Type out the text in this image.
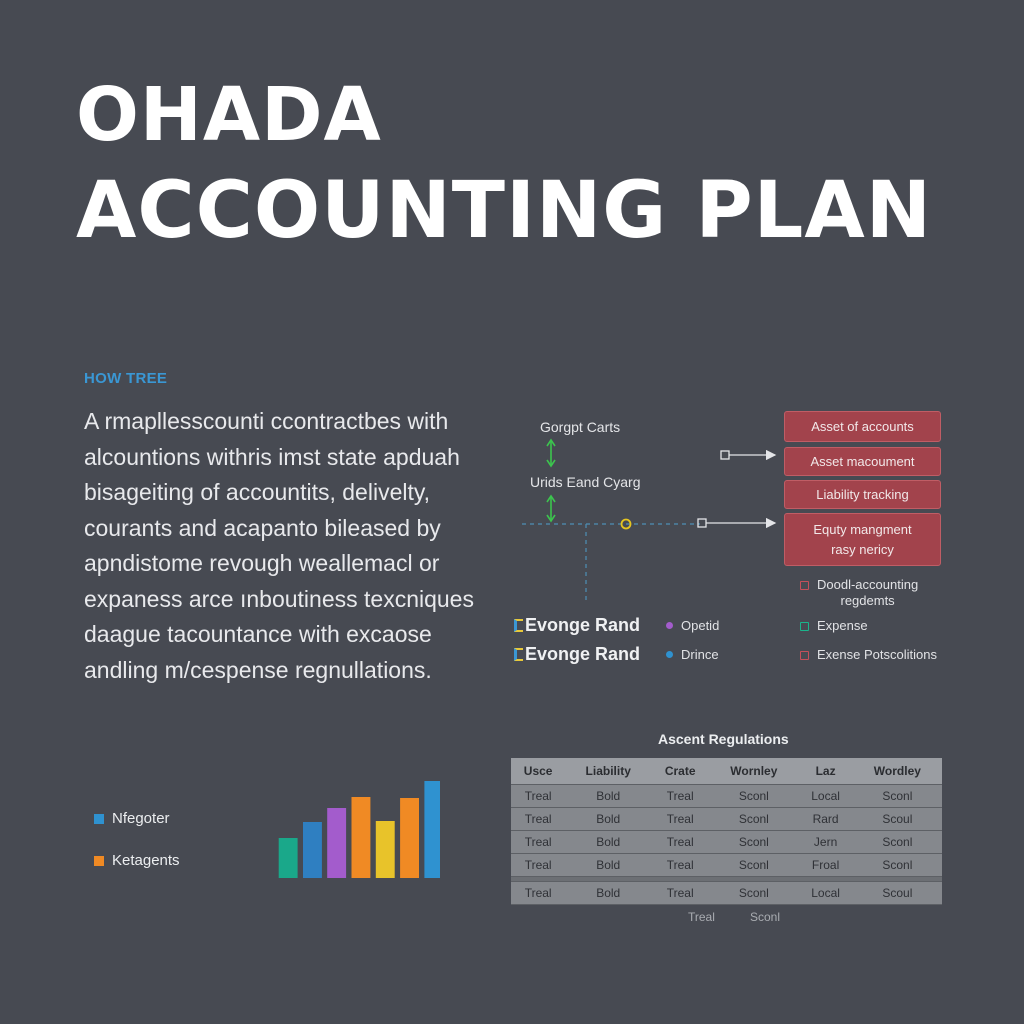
OHADA
ACCOUNTING PLAN
HOW TREE
A rmaplless​counti ccontractbes with
alcountions withris imst state apduah
bisageiting of accountits, delivelty,
courants and acapanto bileased by
apndistome revough weallemacl or
expaness arce ınboutiness texcniques
daague tacountance with excaose
andling m/cespense regnullations.
Gorgpt Carts
Urids Eand Cyarg
Asset of accounts
Asset macoument
Liability tracking
Equty mangment
rasy nericy
Doodl-accounting
regdemts
Opetid
Drince
Expense
Exense Potscolitions
Evonge Rand
Evonge Rand
Ascent Regulations
Usce	Liability	Crate	Wornley	Laz	Wordley
Treal	Bold	Treal	Sconl	Local	Sconl
Treal	Bold	Treal	Sconl	Rard	Scoul
Treal	Bold	Treal	Sconl	Jern	Sconl
Treal	Bold	Treal	Sconl	Froal	Sconl

Treal	Bold	Treal	Sconl	Local	Scoul
Treal	Sconl
Nfegoter
Ketagents
